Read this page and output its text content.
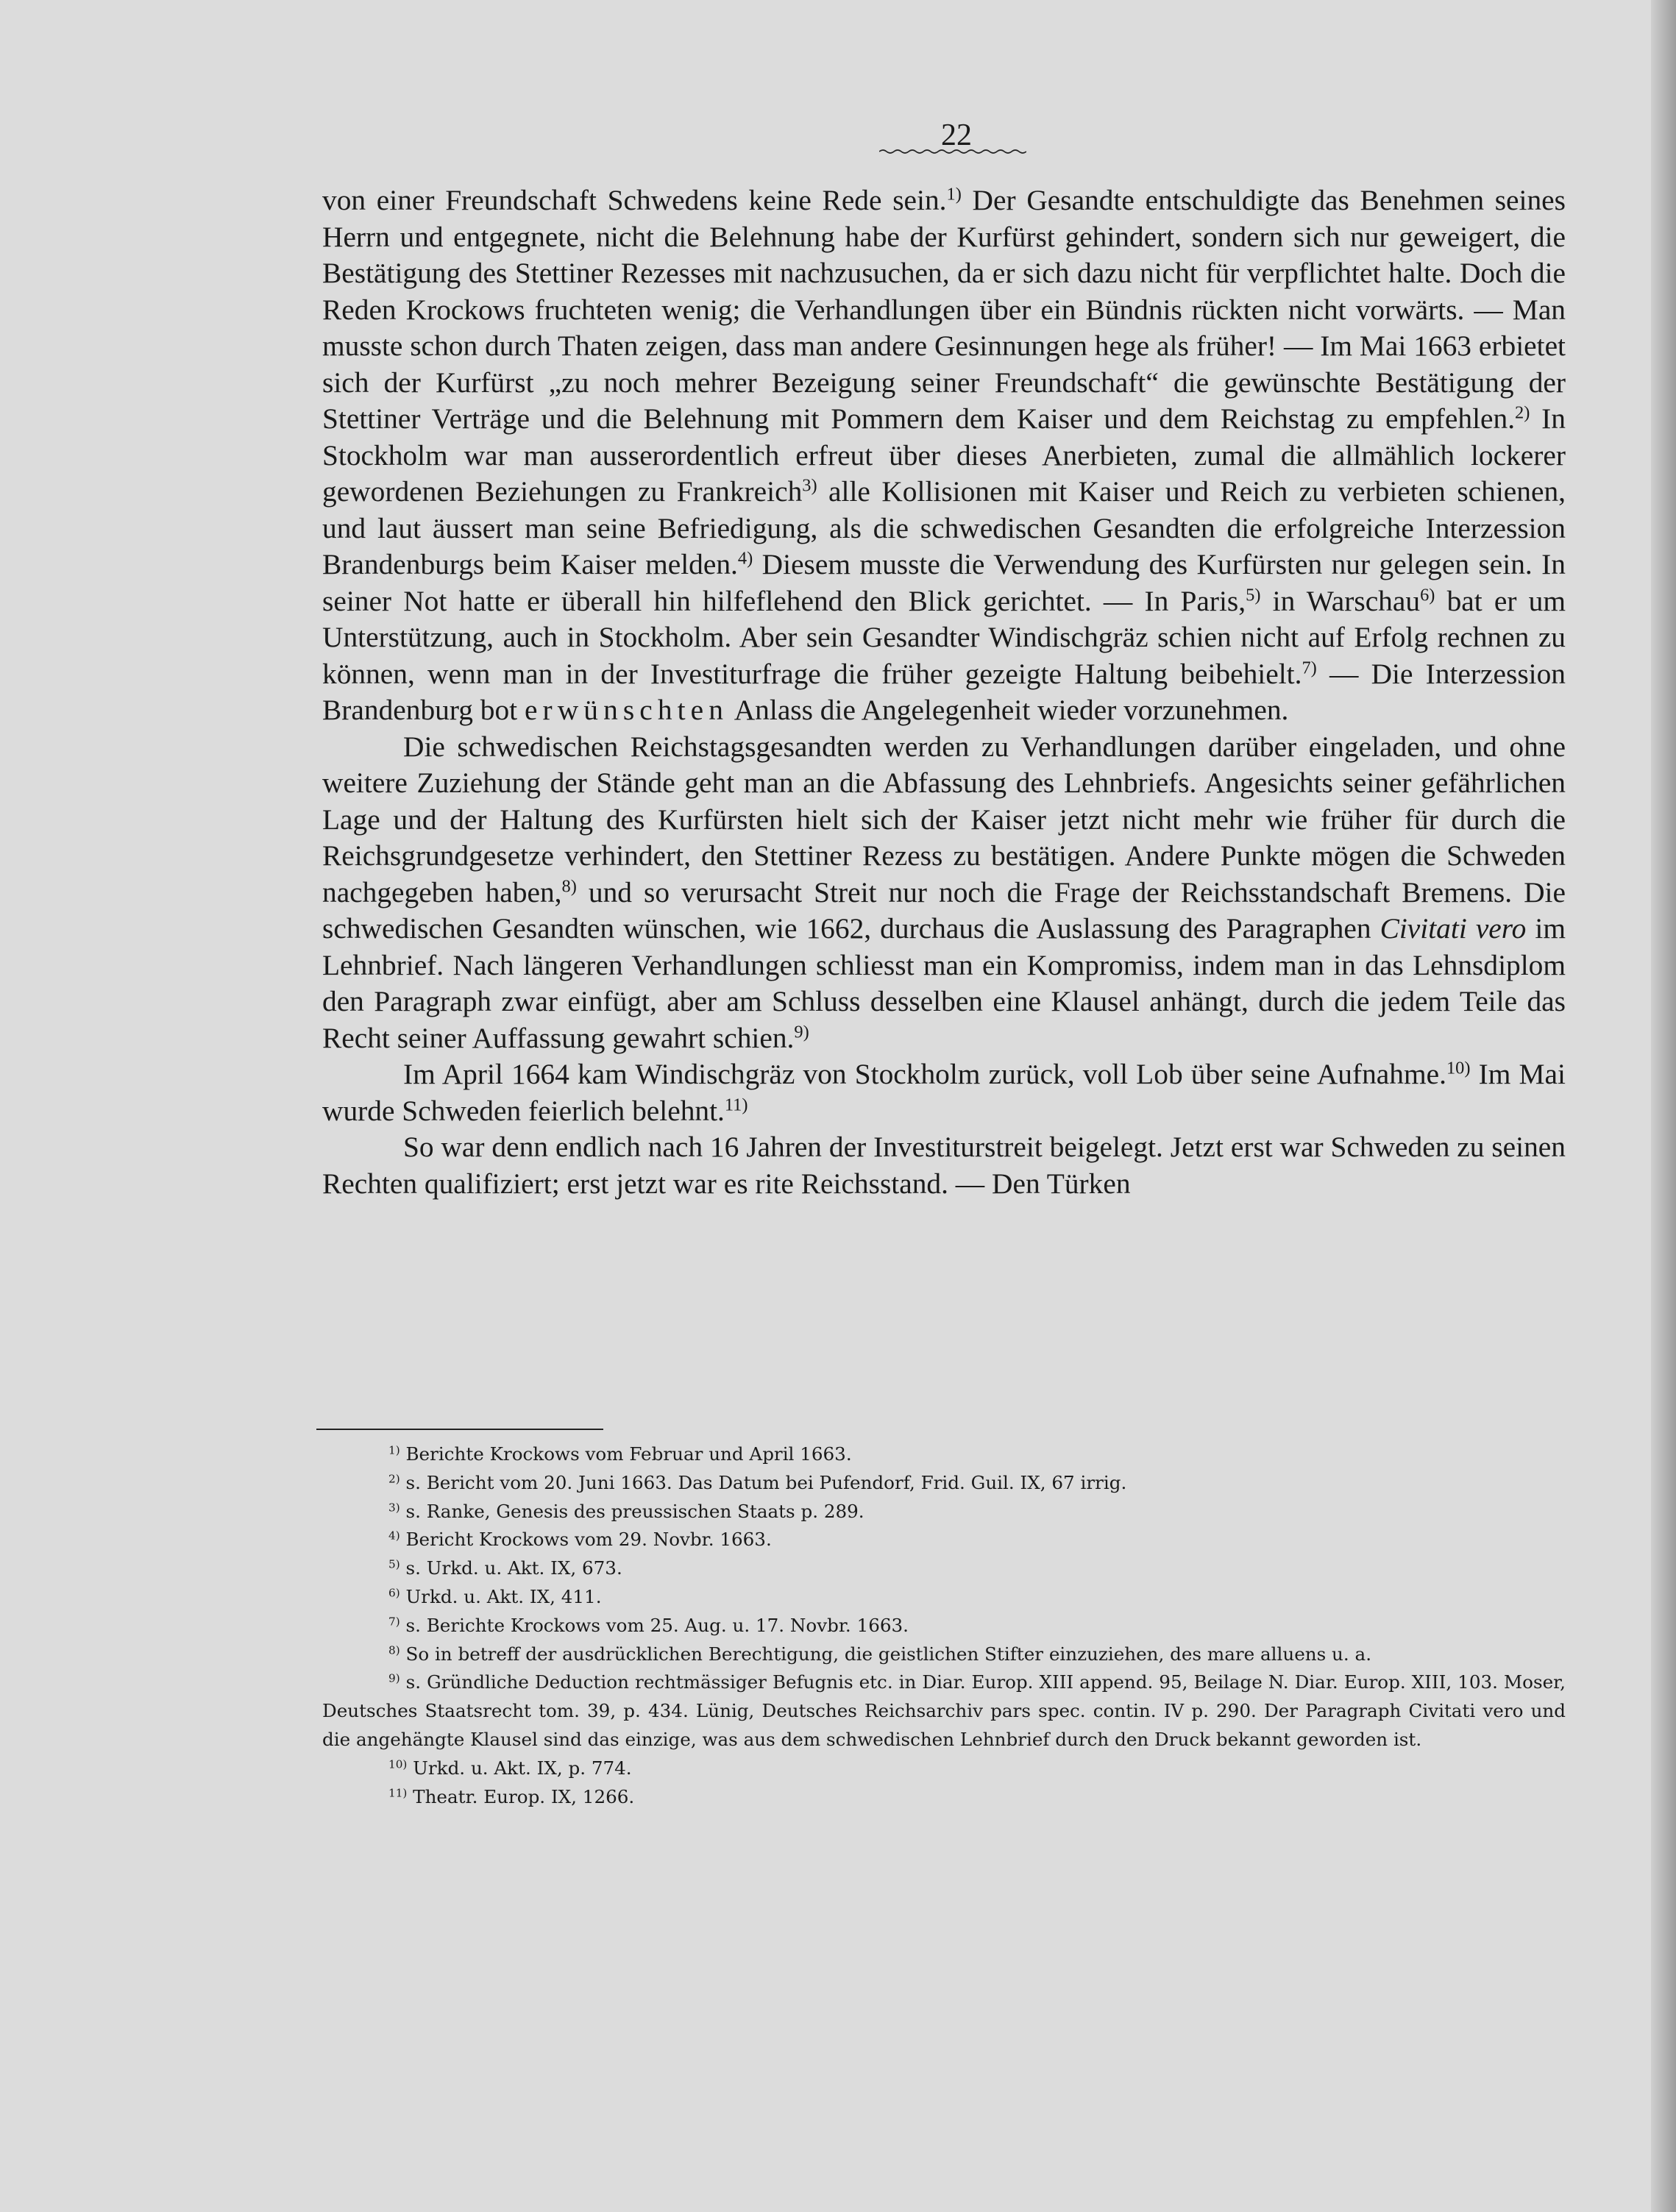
22

von einer Freundschaft Schwedens keine Rede sein.$^{1)}$ Der Gesandte entschuldigte das Benehmen seines Herrn und entgegnete, nicht die Belehnung habe der Kurfürst gehindert, sondern sich nur geweigert, die Bestätigung des Stettiner Rezesses mit nachzusuchen, da er sich dazu nicht für verpflichtet halte. Doch die Reden Krockows fruchteten wenig; die Verhandlungen über ein Bündnis rückten nicht vorwärts. — Man musste schon durch Thaten zeigen, dass man andere Gesinnungen hege als früher! — Im Mai 1663 erbietet sich der Kurfürst „zu noch mehrer Bezeigung seiner Freundschaft“ die gewünschte Bestätigung der Stettiner Verträge und die Belehnung mit Pommern dem Kaiser und dem Reichstag zu empfehlen.$^{2)}$ In Stockholm war man ausserordentlich erfreut über dieses Anerbieten, zumal die allmählich lockerer gewordenen Beziehungen zu Frankreich$^{3)}$ alle Kollisionen mit Kaiser und Reich zu verbieten schienen, und laut äussert man seine Befriedigung, als die schwedischen Gesandten die erfolgreiche Interzession Brandenburgs beim Kaiser melden.$^{4)}$ Diesem musste die Verwendung des Kurfürsten nur gelegen sein. In seiner Not hatte er überall hin hilfeflehend den Blick gerichtet. — In Paris,$^{5)}$ in Warschau$^{6)}$ bat er um Unterstützung, auch in Stockholm. Aber sein Gesandter Windischgräz schien nicht auf Erfolg rechnen zu können, wenn man in der Investiturfrage die früher gezeigte Haltung beibehielt.$^{7)}$ — Die Interzession Brandenburg bot erwünschten Anlass die Angelegenheit wieder vorzunehmen.

Die schwedischen Reichstagsgesandten werden zu Verhandlungen darüber eingeladen, und ohne weitere Zuziehung der Stände geht man an die Abfassung des Lehnbriefs. Angesichts seiner gefährlichen Lage und der Haltung des Kurfürsten hielt sich der Kaiser jetzt nicht mehr wie früher für durch die Reichsgrundgesetze verhindert, den Stettiner Rezess zu bestätigen. Andere Punkte mögen die Schweden nachgegeben haben,$^{8)}$ und so verursacht Streit nur noch die Frage der Reichsstandschaft Bremens. Die schwedischen Gesandten wünschen, wie 1662, durchaus die Auslassung des Paragraphen Civitati vero im Lehnbrief. Nach längeren Verhandlungen schliesst man ein Kompromiss, indem man in das Lehnsdiplom den Paragraph zwar einfügt, aber am Schluss desselben eine Klausel anhängt, durch die jedem Teile das Recht seiner Auffassung gewahrt schien.$^{9)}$

Im April 1664 kam Windischgräz von Stockholm zurück, voll Lob über seine Aufnahme.$^{10)}$ Im Mai wurde Schweden feierlich belehnt.$^{11)}$

So war denn endlich nach 16 Jahren der Investiturstreit beigelegt. Jetzt erst war Schweden zu seinen Rechten qualifiziert; erst jetzt war es rite Reichsstand. — Den Türken

$^{1)}$ Berichte Krockows vom Februar und April 1663.
$^{2)}$ s. Bericht vom 20. Juni 1663. Das Datum bei Pufendorf, Frid. Guil. IX, 67 irrig.
$^{3)}$ s. Ranke, Genesis des preussischen Staats p. 289.
$^{4)}$ Bericht Krockows vom 29. Novbr. 1663.
$^{5)}$ s. Urkd. u. Akt. IX, 673.
$^{6)}$ Urkd. u. Akt. IX, 411.
$^{7)}$ s. Berichte Krockows vom 25. Aug. u. 17. Novbr. 1663.
$^{8)}$ So in betreff der ausdrücklichen Berechtigung, die geistlichen Stifter einzuziehen, des mare alluens u. a.
$^{9)}$ s. Gründliche Deduction rechtmässiger Befugnis etc. in Diar. Europ. XIII append. 95, Beilage N. Diar. Europ. XIII, 103. Moser, Deutsches Staatsrecht tom. 39, p. 434. Lünig, Deutsches Reichsarchiv pars spec. contin. IV p. 290. Der Paragraph Civitati vero und die angehängte Klausel sind das einzige, was aus dem schwedischen Lehnbrief durch den Druck bekannt geworden ist.
$^{10)}$ Urkd. u. Akt. IX, p. 774.
$^{11)}$ Theatr. Europ. IX, 1266.
